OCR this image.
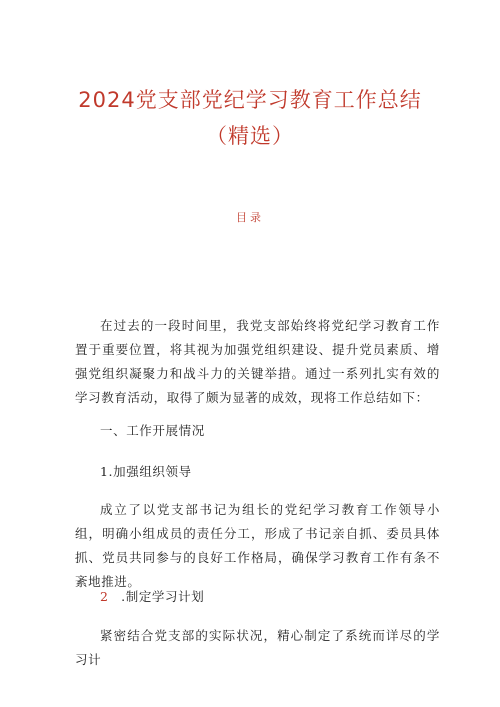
2024党支部党纪学习教育工作总结
（精选）
目录
在过去的一段时间里，我党支部始终将党纪学习教育工作置于重要位置，将其视为加强党组织建设、提升党员素质、增强党组织凝聚力和战斗力的关键举措。通过一系列扎实有效的学习教育活动，取得了颇为显著的成效，现将工作总结如下：
一、工作开展情况
1.加强组织领导
成立了以党支部书记为组长的党纪学习教育工作领导小组，明确小组成员的责任分工，形成了书记亲自抓、委员具体抓、党员共同参与的良好工作格局，确保学习教育工作有条不紊地推进。
2 .制定学习计划
紧密结合党支部的实际状况，精心制定了系统而详尽的学习计
